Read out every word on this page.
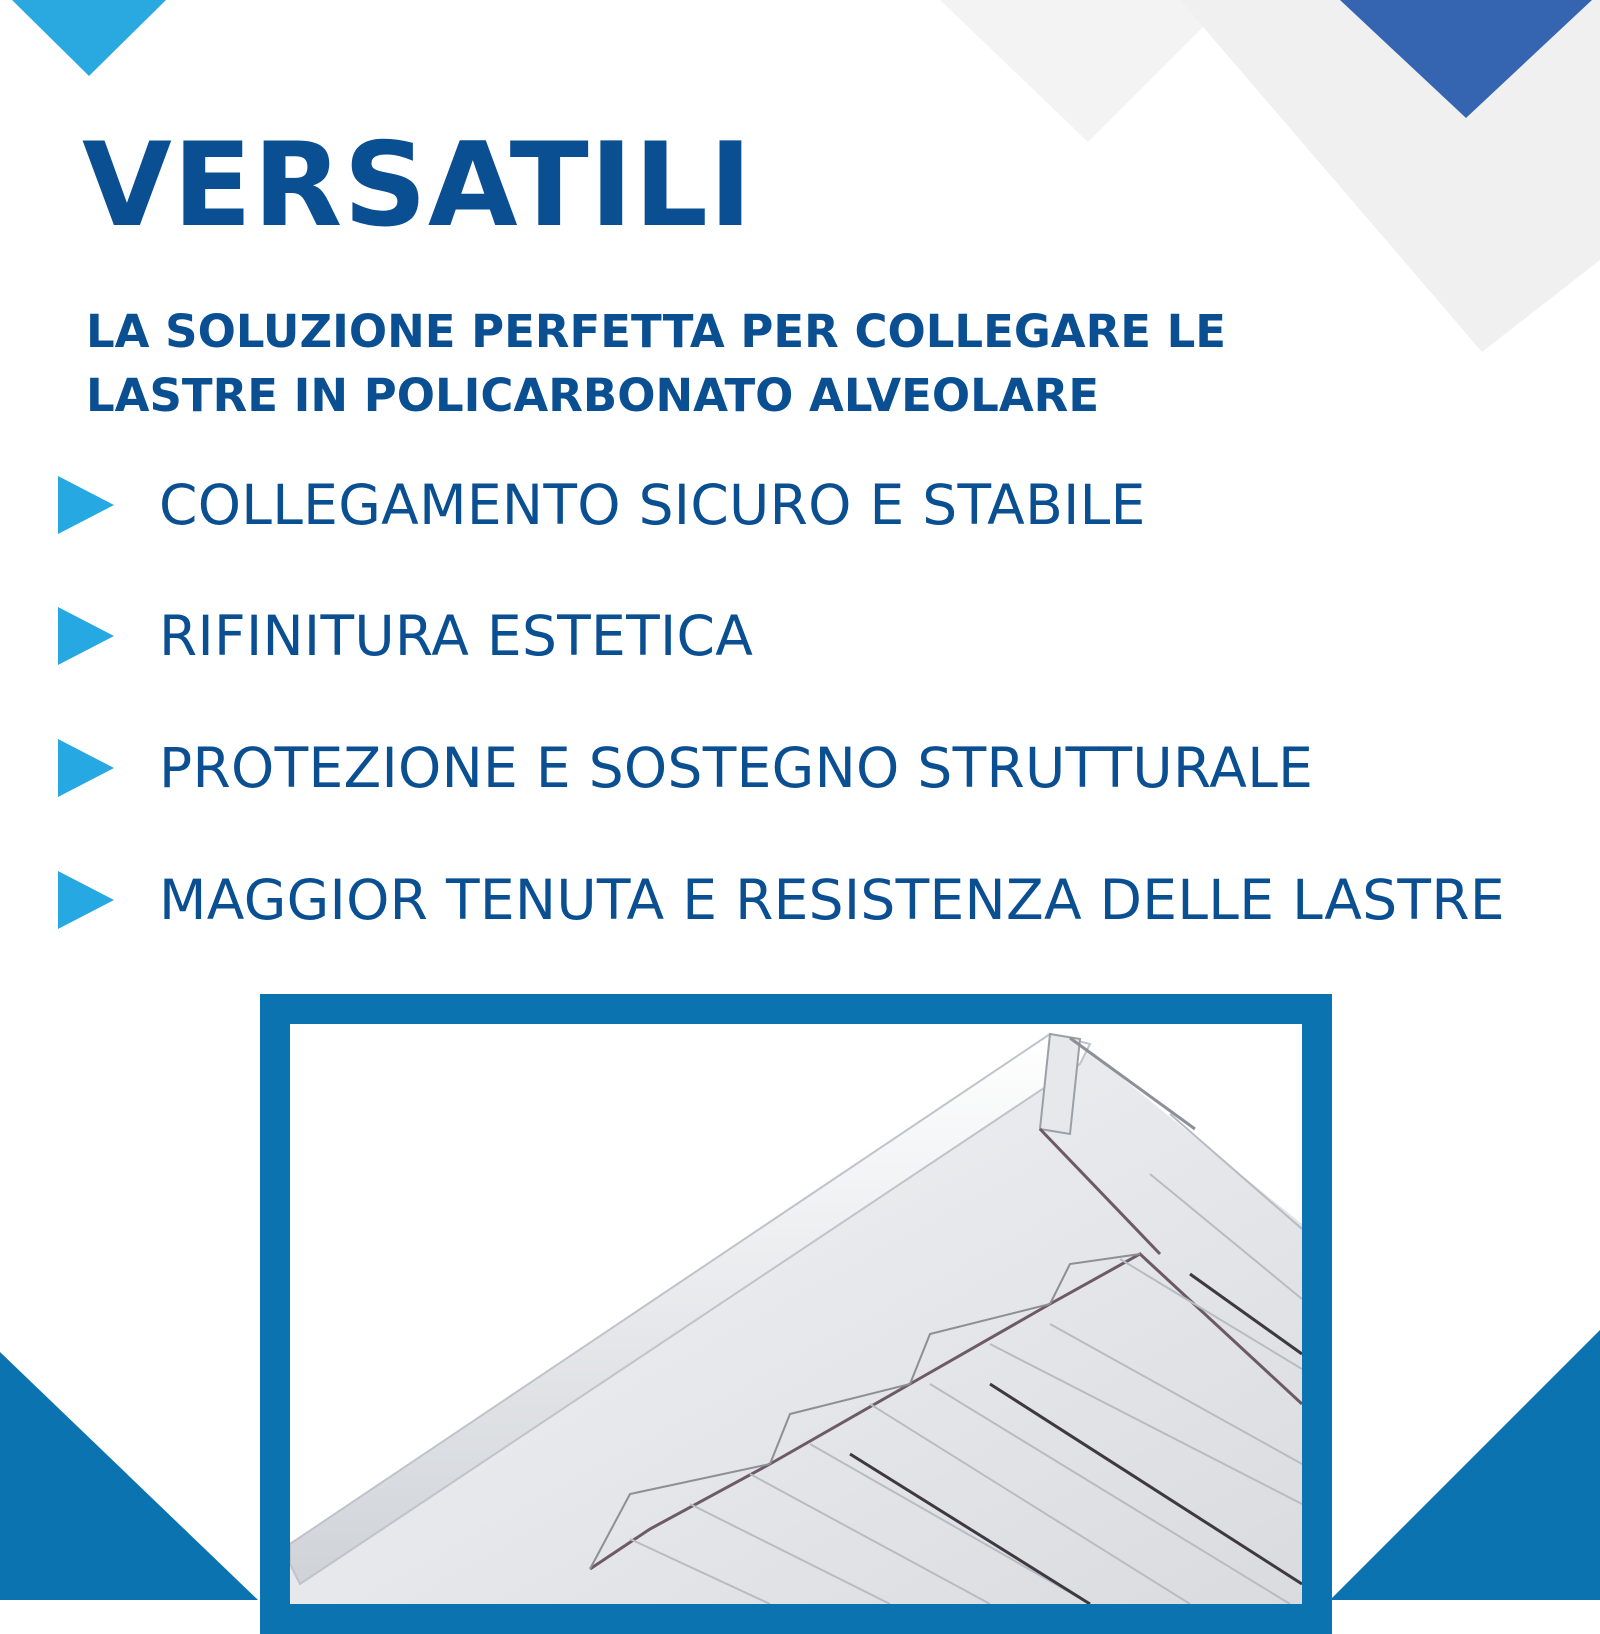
VERSATILI

LA SOLUZIONE PERFETTA PER COLLEGARE LE LASTRE IN POLICARBONATO ALVEOLARE

COLLEGAMENTO SICURO E STABILE
RIFINITURA ESTETICA
PROTEZIONE E SOSTEGNO STRUTTURALE
MAGGIOR TENUTA E RESISTENZA DELLE LASTRE
